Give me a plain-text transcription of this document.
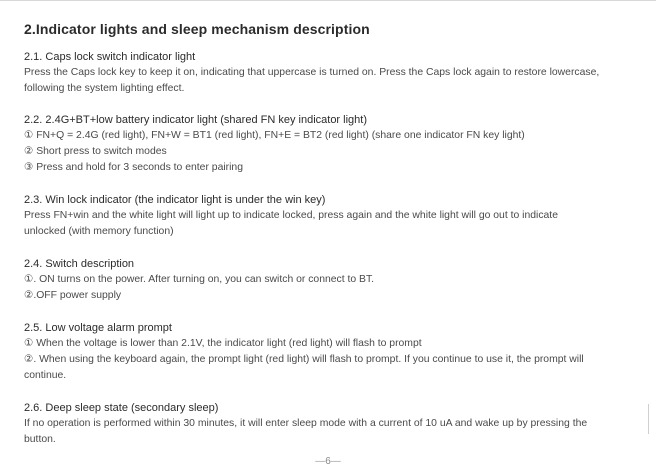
2.Indicator lights and sleep mechanism description
2.1. Caps lock switch indicator light
Press the Caps lock key to keep it on, indicating that uppercase is turned on. Press the Caps lock again to restore lowercase,
following the system lighting effect.
2.2. 2.4G+BT+low battery indicator light (shared FN key indicator light)
① FN+Q = 2.4G (red light), FN+W = BT1 (red light), FN+E = BT2 (red light) (share one indicator FN key light)
② Short press to switch modes
③ Press and hold for 3 seconds to enter pairing
2.3. Win lock indicator (the indicator light is under the win key)
Press FN+win and the white light will light up to indicate locked, press again and the white light will go out to indicate
unlocked (with memory function)
2.4. Switch description
①. ON turns on the power. After turning on, you can switch or connect to BT.
②.OFF power supply
2.5. Low voltage alarm prompt
① When the voltage is lower than 2.1V, the indicator light (red light) will flash to prompt
②. When using the keyboard again, the prompt light (red light) will flash to prompt. If you continue to use it, the prompt will
continue.
2.6. Deep sleep state (secondary sleep)
If no operation is performed within 30 minutes, it will enter sleep mode with a current of 10 uA and wake up by pressing the
button.
—6—
